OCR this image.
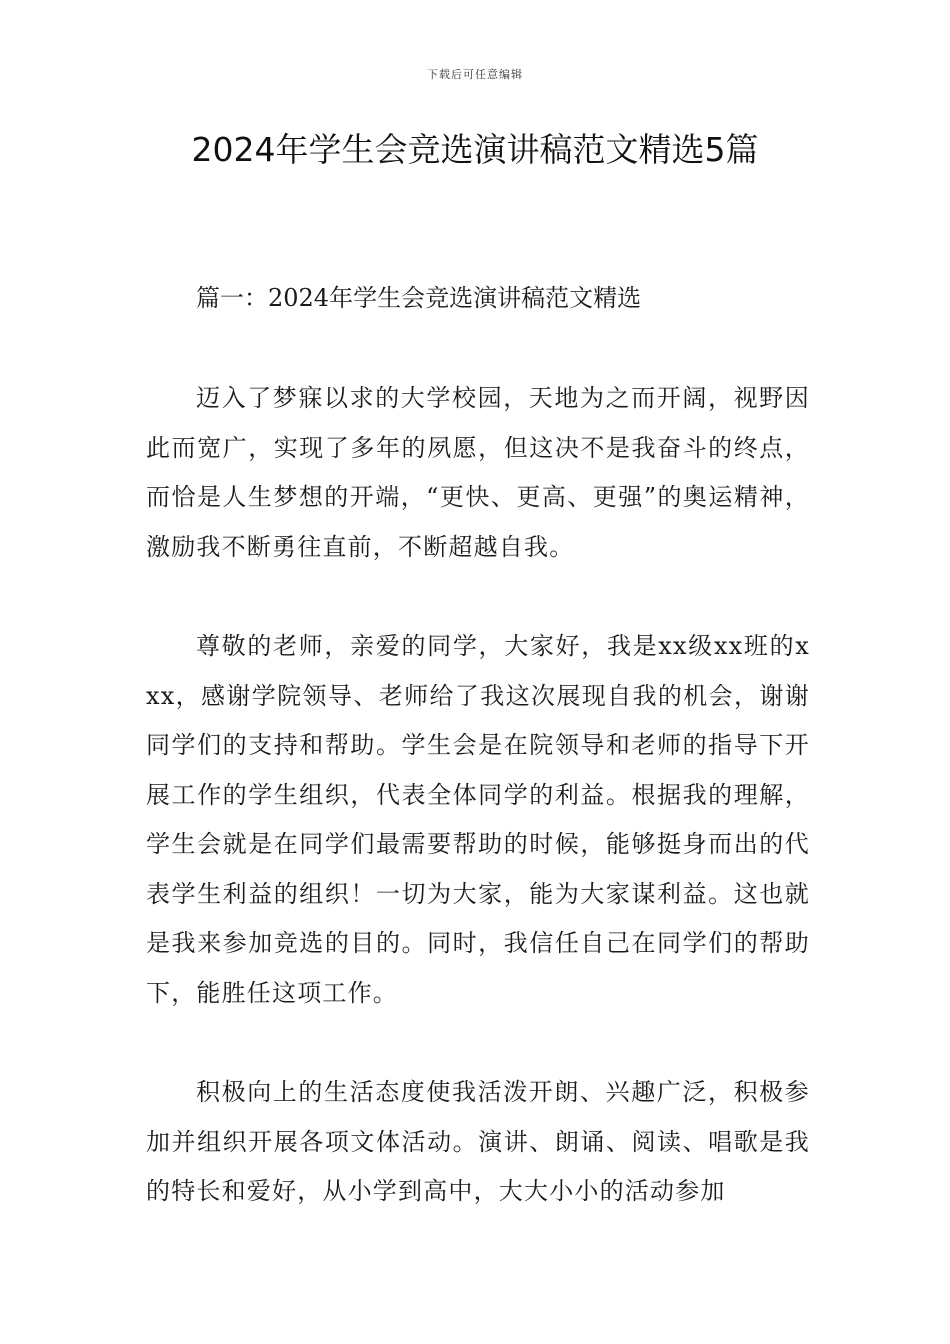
下载后可任意编辑
2024年学生会竞选演讲稿范文精选5篇
篇一：2024年学生会竞选演讲稿范文精选

迈入了梦寐以求的大学校园，天地为之而开阔，视野因此而宽广，实现了多年的夙愿，但这决不是我奋斗的终点，而恰是人生梦想的开端，“更快、更高、更强”的奥运精神，激励我不断勇往直前，不断超越自我。

尊敬的老师，亲爱的同学，大家好，我是xx级xx班的xxx，感谢学院领导、老师给了我这次展现自我的机会，谢谢同学们的支持和帮助。学生会是在院领导和老师的指导下开展工作的学生组织，代表全体同学的利益。根据我的理解，学生会就是在同学们最需要帮助的时候，能够挺身而出的代表学生利益的组织！一切为大家，能为大家谋利益。这也就是我来参加竞选的目的。同时，我信任自己在同学们的帮助下，能胜任这项工作。

积极向上的生活态度使我活泼开朗、兴趣广泛，积极参加并组织开展各项文体活动。演讲、朗诵、阅读、唱歌是我的特长和爱好，从小学到高中，大大小小的活动参加
